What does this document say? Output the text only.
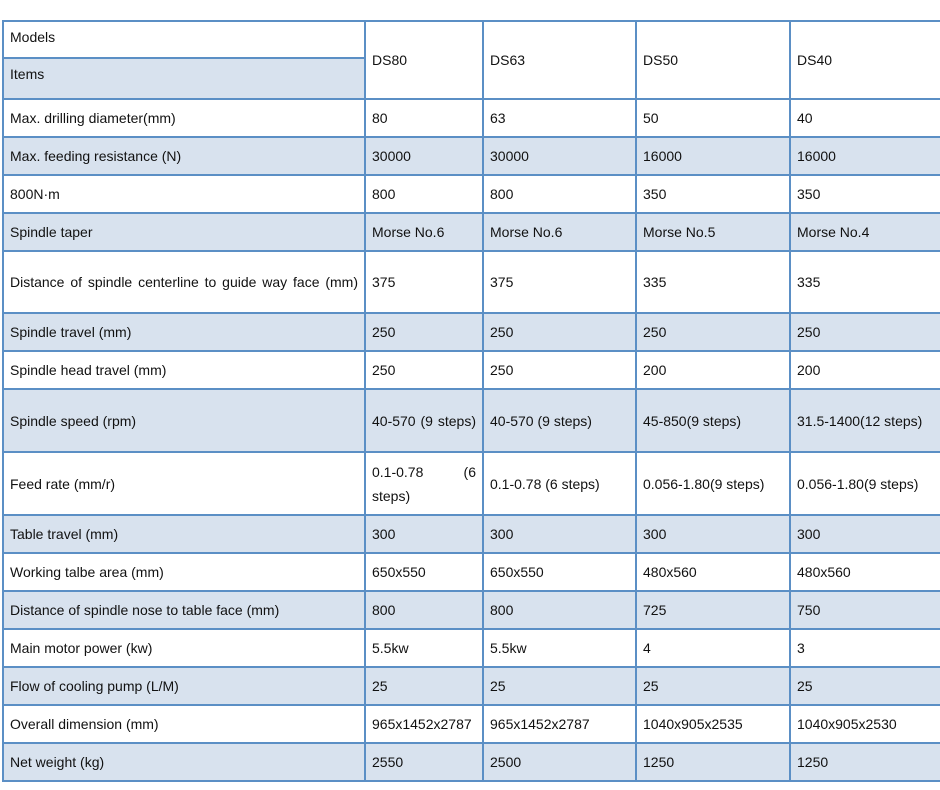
Models
Items	DS80	DS63	DS50	DS40
Max. drilling diameter(mm)	80	63	50	40
Max. feeding resistance (N)	30000	30000	16000	16000
800N·m	800	800	350	350
Spindle taper	Morse No.6	Morse No.6	Morse No.5	Morse No.4
Distance of spindle centerline to guide way face (mm)	375	375	335	335
Spindle travel (mm)	250	250	250	250
Spindle head travel (mm)	250	250	200	200
Spindle speed (rpm)	40-570 (9 steps)	40-570 (9 steps)	45-850(9 steps)	31.5-1400(12 steps)
Feed rate (mm/r)	0.1-0.78 (6 steps)	0.1-0.78 (6 steps)	0.056-1.80(9 steps)	0.056-1.80(9 steps)
Table travel (mm)	300	300	300	300
Working talbe area (mm)	650x550	650x550	480x560	480x560
Distance of spindle nose to table face (mm)	800	800	725	750
Main motor power (kw)	5.5kw	5.5kw	4	3
Flow of cooling pump (L/M)	25	25	25	25
Overall dimension (mm)	965x1452x2787	965x1452x2787	1040x905x2535	1040x905x2530
Net weight (kg)	2550	2500	1250	1250
